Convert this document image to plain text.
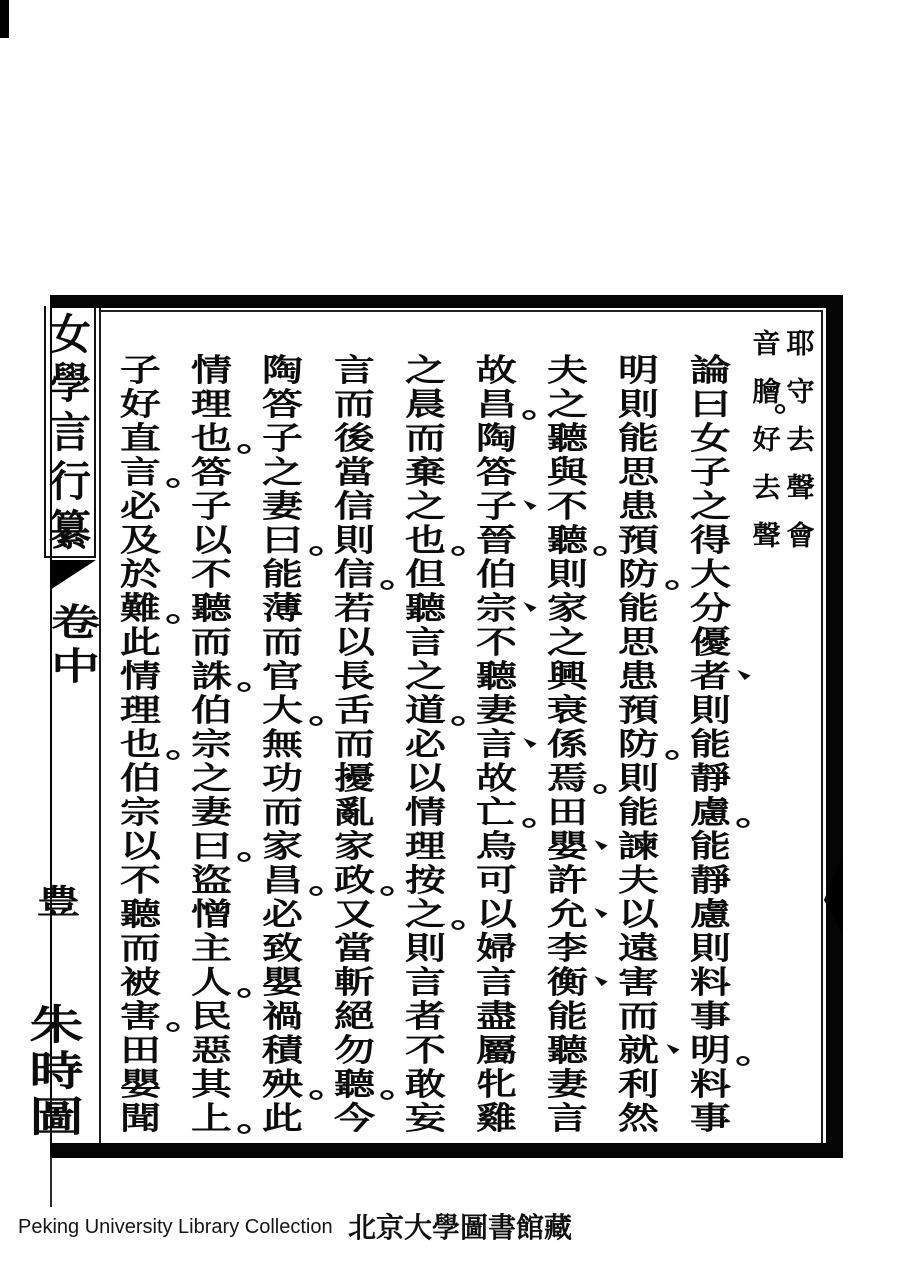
女
學
言
行
纂
卷
中
豊
朱
時
圖
耶
守
去
聲
會
音
膾
好
去
聲
論
曰
女
子
之
得
大
分
優
者
則
能
靜
慮
能
靜
慮
則
料
事
明
料
事
明
則
能
思
患
預
防
能
思
患
預
防
則
能
諫
夫
以
遠
害
而
就
利
然
夫
之
聽
與
不
聽
則
家
之
興
衰
係
焉
田
嬰
許
允
李
衡
能
聽
妻
言
故
昌
陶
答
子
晉
伯
宗
不
聽
妻
言
故
亡
烏
可
以
婦
言
盡
屬
牝
雞
之
晨
而
棄
之
也
但
聽
言
之
道
必
以
情
理
按
之
則
言
者
不
敢
妄
言
而
後
當
信
則
信
若
以
長
舌
而
擾
亂
家
政
又
當
斬
絕
勿
聽
今
陶
答
子
之
妻
曰
能
薄
而
官
大
無
功
而
家
昌
必
致
嬰
禍
積
殃
此
情
理
也
答
子
以
不
聽
而
誅
伯
宗
之
妻
曰
盜
憎
主
人
民
惡
其
上
子
好
直
言
必
及
於
難
此
情
理
也
伯
宗
以
不
聽
而
被
害
田
嬰
聞
Peking University Library Collection 北京大學圖書館藏
